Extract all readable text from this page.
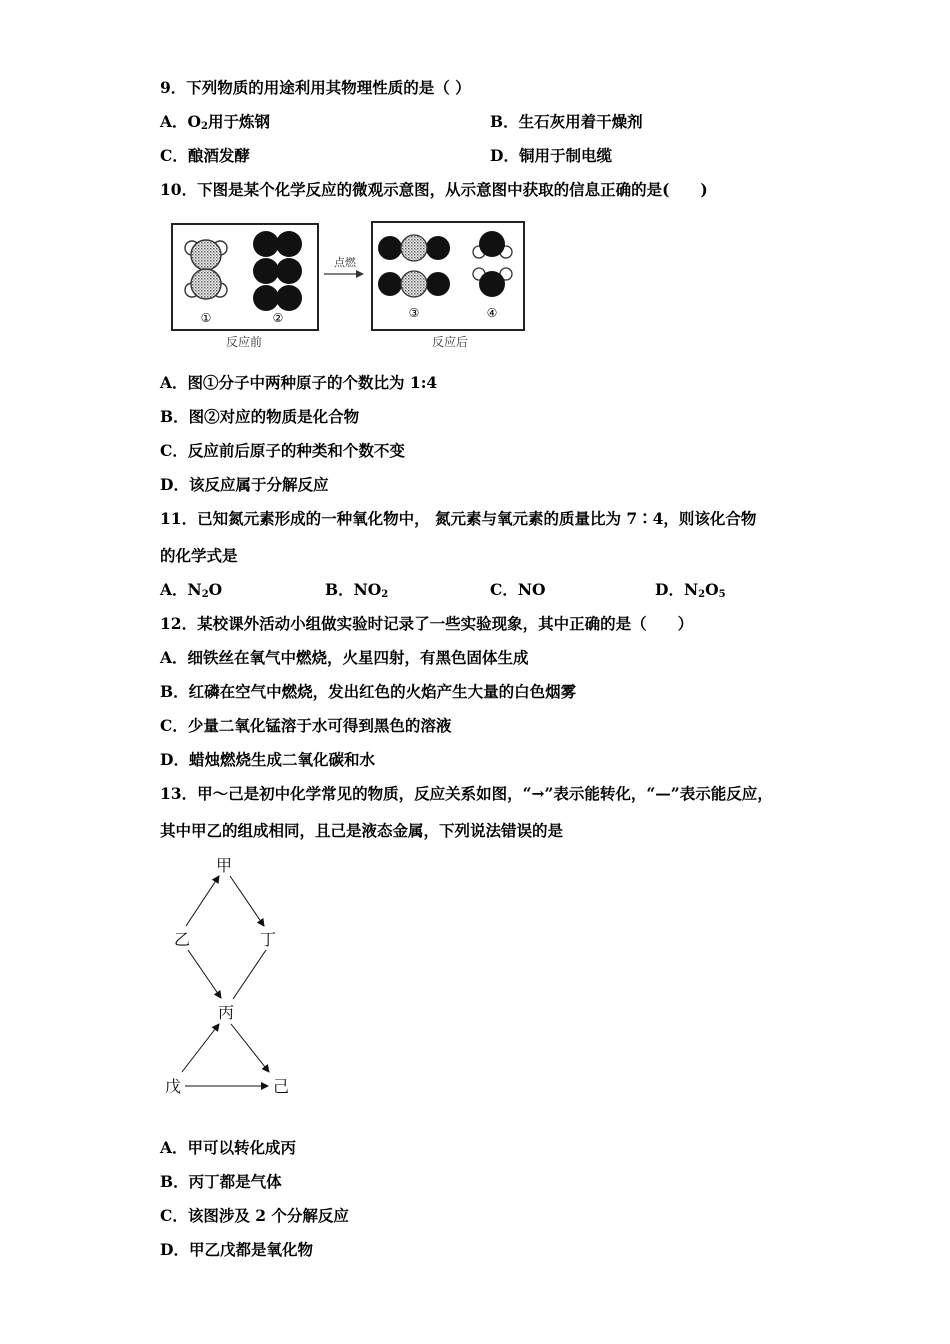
9．下列物质的用途利用其物理性质的是（ ）
A．$O_2$用于炼钢	B．生石灰用着干燥剂
C．酿酒发酵	D．铜用于制电缆
10．下图是某个化学反应的微观示意图，从示意图中获取的信息正确的是(　　)
①	②
反应前
点燃
③	④
反应后
A．图①分子中两种原子的个数比为 1:4
B．图②对应的物质是化合物
C．反应前后原子的种类和个数不变
D．该反应属于分解反应
11．已知氮元素形成的一种氧化物中， 氮元素与氧元素的质量比为 7∶4，则该化合物
的化学式是
A．$N_2O$	B．$NO_2$	C．NO	D．$N_2O_5$
12．某校课外活动小组做实验时记录了一些实验现象，其中正确的是（　　）
A．细铁丝在氧气中燃烧，火星四射，有黑色固体生成
B．红磷在空气中燃烧，发出红色的火焰产生大量的白色烟雾
C．少量二氧化锰溶于水可得到黑色的溶液
D．蜡烛燃烧生成二氧化碳和水
13．甲～己是初中化学常见的物质，反应关系如图，“→”表示能转化，“—”表示能反应，
其中甲乙的组成相同，且己是液态金属，下列说法错误的是
甲
乙	丁
丙
戊	己
A．甲可以转化成丙
B．丙丁都是气体
C．该图涉及 2 个分解反应
D．甲乙戊都是氧化物
